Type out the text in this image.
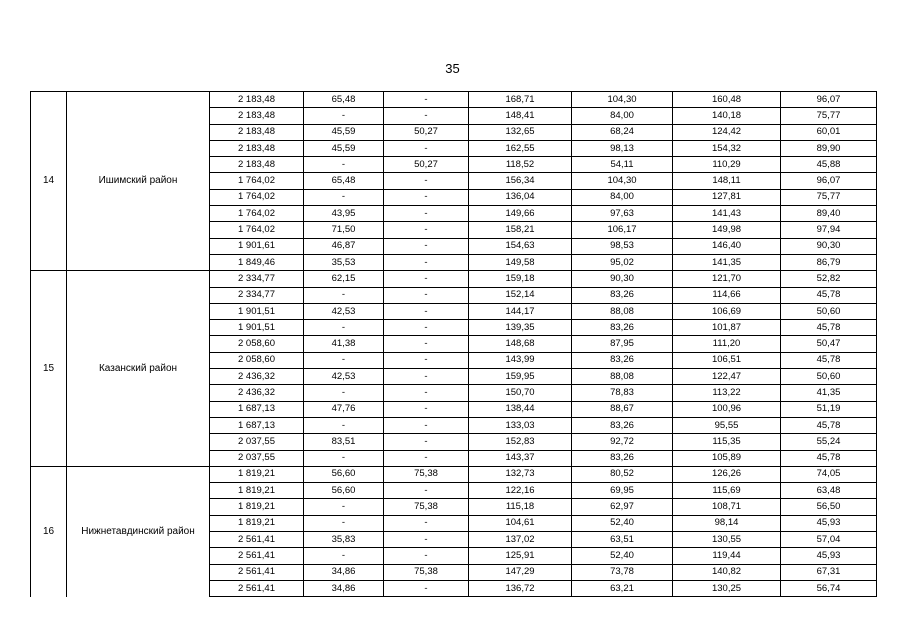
35
14	Ишимский район	2 183,48	65,48	-	168,71	104,30	160,48	96,07
		2 183,48	-	-	148,41	84,00	140,18	75,77
		2 183,48	45,59	50,27	132,65	68,24	124,42	60,01
		2 183,48	45,59	-	162,55	98,13	154,32	89,90
		2 183,48	-	50,27	118,52	54,11	110,29	45,88
		1 764,02	65,48	-	156,34	104,30	148,11	96,07
		1 764,02	-	-	136,04	84,00	127,81	75,77
		1 764,02	43,95	-	149,66	97,63	141,43	89,40
		1 764,02	71,50	-	158,21	106,17	149,98	97,94
		1 901,61	46,87	-	154,63	98,53	146,40	90,30
		1 849,46	35,53	-	149,58	95,02	141,35	86,79
15	Казанский район	2 334,77	62,15	-	159,18	90,30	121,70	52,82
		2 334,77	-	-	152,14	83,26	114,66	45,78
		1 901,51	42,53	-	144,17	88,08	106,69	50,60
		1 901,51	-	-	139,35	83,26	101,87	45,78
		2 058,60	41,38	-	148,68	87,95	111,20	50,47
		2 058,60	-	-	143,99	83,26	106,51	45,78
		2 436,32	42,53	-	159,95	88,08	122,47	50,60
		2 436,32	-	-	150,70	78,83	113,22	41,35
		1 687,13	47,76	-	138,44	88,67	100,96	51,19
		1 687,13	-	-	133,03	83,26	95,55	45,78
		2 037,55	83,51	-	152,83	92,72	115,35	55,24
		2 037,55	-	-	143,37	83,26	105,89	45,78
16	Нижнетавдинский район	1 819,21	56,60	75,38	132,73	80,52	126,26	74,05
		1 819,21	56,60	-	122,16	69,95	115,69	63,48
		1 819,21	-	75,38	115,18	62,97	108,71	56,50
		1 819,21	-	-	104,61	52,40	98,14	45,93
		2 561,41	35,83	-	137,02	63,51	130,55	57,04
		2 561,41	-	-	125,91	52,40	119,44	45,93
		2 561,41	34,86	75,38	147,29	73,78	140,82	67,31
		2 561,41	34,86	-	136,72	63,21	130,25	56,74
